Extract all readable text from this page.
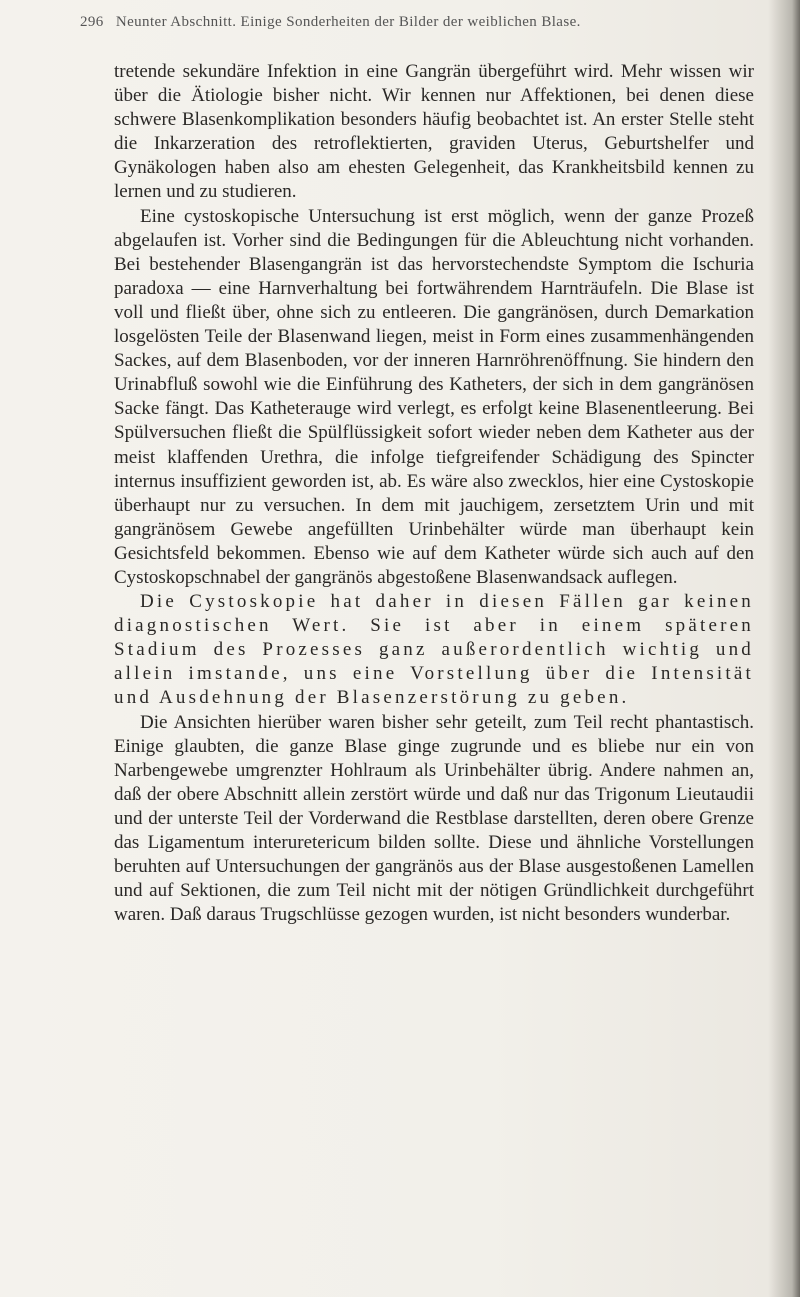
296 Neunter Abschnitt. Einige Sonderheiten der Bilder der weiblichen Blase.

tretende sekundäre Infektion in eine Gangrän übergeführt wird. Mehr wissen wir über die Ätiologie bisher nicht. Wir kennen nur Affektionen, bei denen diese schwere Blasenkomplikation besonders häufig beobachtet ist. An erster Stelle steht die Inkarzeration des retroflektierten, graviden Uterus, Geburtshelfer und Gynäkologen haben also am ehesten Gelegenheit, das Krankheitsbild kennen zu lernen und zu studieren.

Eine cystoskopische Untersuchung ist erst möglich, wenn der ganze Prozeß abgelaufen ist. Vorher sind die Bedingungen für die Ableuchtung nicht vorhanden. Bei bestehender Blasengangrän ist das hervorstechendste Symptom die Ischuria paradoxa — eine Harnverhaltung bei fortwährendem Harnträufeln. Die Blase ist voll und fließt über, ohne sich zu entleeren. Die gangränösen, durch Demarkation losgelösten Teile der Blasenwand liegen, meist in Form eines zusammenhängenden Sackes, auf dem Blasenboden, vor der inneren Harnröhrenöffnung. Sie hindern den Urinabfluß sowohl wie die Einführung des Katheters, der sich in dem gangränösen Sacke fängt. Das Katheterauge wird verlegt, es erfolgt keine Blasenentleerung. Bei Spülversuchen fließt die Spülflüssigkeit sofort wieder neben dem Katheter aus der meist klaffenden Urethra, die infolge tiefgreifender Schädigung des Spincter internus insuffizient geworden ist, ab. Es wäre also zwecklos, hier eine Cystoskopie überhaupt nur zu versuchen. In dem mit jauchigem, zersetztem Urin und mit gangränösem Gewebe angefüllten Urinbehälter würde man überhaupt kein Gesichtsfeld bekommen. Ebenso wie auf dem Katheter würde sich auch auf den Cystoskopschnabel der gangränös abgestoßene Blasenwandsack auflegen.

Die Cystoskopie hat daher in diesen Fällen gar keinen diagnostischen Wert. Sie ist aber in einem späteren Stadium des Prozesses ganz außerordentlich wichtig und allein imstande, uns eine Vorstellung über die Intensität und Ausdehnung der Blasenzerstörung zu geben.

Die Ansichten hierüber waren bisher sehr geteilt, zum Teil recht phantastisch. Einige glaubten, die ganze Blase ginge zugrunde und es bliebe nur ein von Narbengewebe umgrenzter Hohlraum als Urinbehälter übrig. Andere nahmen an, daß der obere Abschnitt allein zerstört würde und daß nur das Trigonum Lieutaudii und der unterste Teil der Vorderwand die Restblase darstellten, deren obere Grenze das Ligamentum interuretericum bilden sollte. Diese und ähnliche Vorstellungen beruhten auf Untersuchungen der gangränös aus der Blase ausgestoßenen Lamellen und auf Sektionen, die zum Teil nicht mit der nötigen Gründlichkeit durchgeführt waren. Daß daraus Trugschlüsse gezogen wurden, ist nicht besonders wunderbar.
